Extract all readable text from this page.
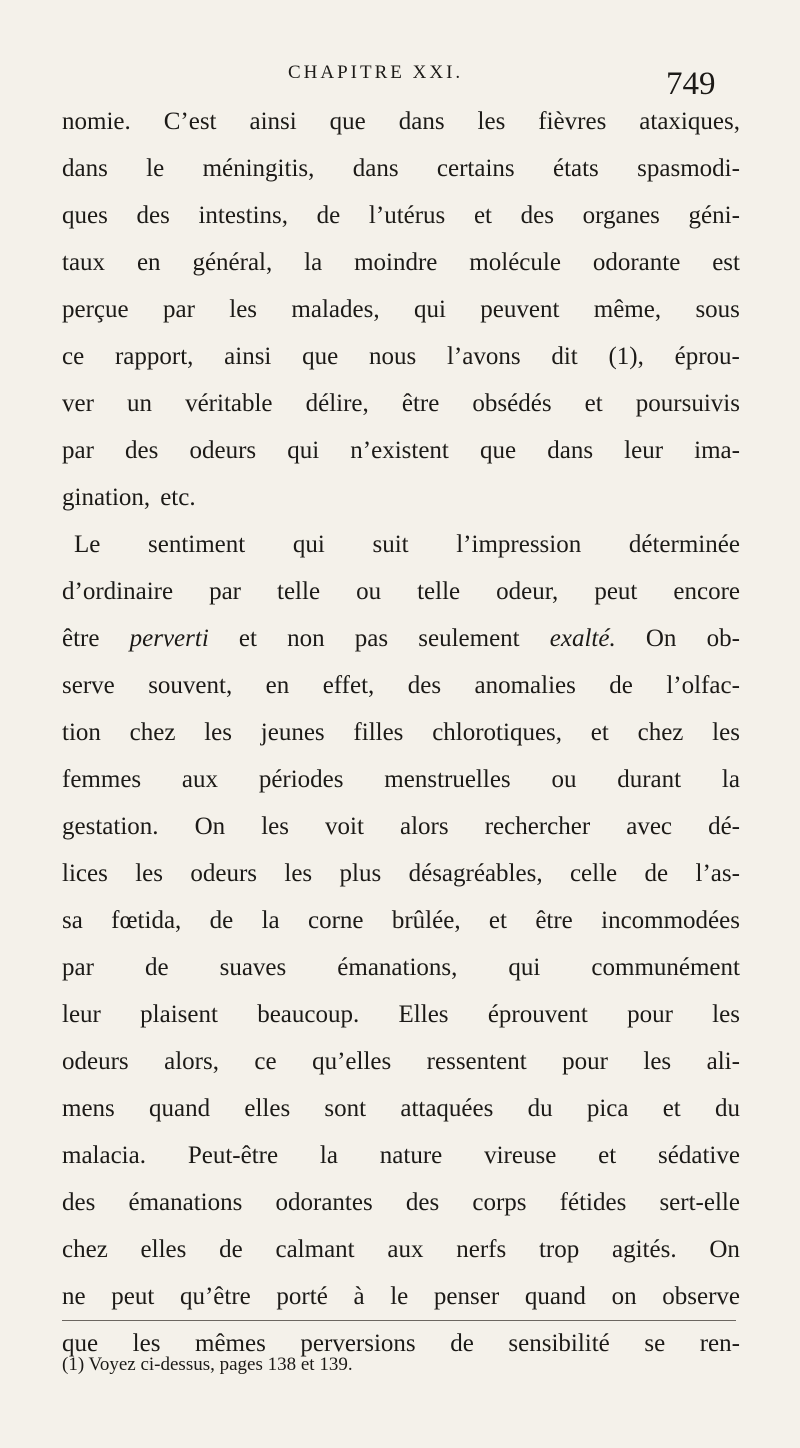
CHAPITRE XXI.	749
nomie. C’est ainsi que dans les fièvres ataxiques,
dans le méningitis, dans certains états spasmodi-
ques des intestins, de l’utérus et des organes géni-
taux en général, la moindre molécule odorante est
perçue par les malades, qui peuvent même, sous
ce rapport, ainsi que nous l’avons dit (1), éprou-
ver un véritable délire, être obsédés et poursuivis
par des odeurs qui n’existent que dans leur ima-
gination, etc.
Le sentiment qui suit l’impression déterminée
d’ordinaire par telle ou telle odeur, peut encore
être perverti et non pas seulement exalté. On ob-
serve souvent, en effet, des anomalies de l’olfac-
tion chez les jeunes filles chlorotiques, et chez les
femmes aux périodes menstruelles ou durant la
gestation. On les voit alors rechercher avec dé-
lices les odeurs les plus désagréables, celle de l’as-
sa fœtida, de la corne brûlée, et être incommodées
par de suaves émanations, qui communément
leur plaisent beaucoup. Elles éprouvent pour les
odeurs alors, ce qu’elles ressentent pour les ali-
mens quand elles sont attaquées du pica et du
malacia. Peut-être la nature vireuse et sédative
des émanations odorantes des corps fétides sert-elle
chez elles de calmant aux nerfs trop agités. On
ne peut qu’être porté à le penser quand on observe
que les mêmes perversions de sensibilité se ren-
(1) Voyez ci-dessus, pages 138 et 139.
